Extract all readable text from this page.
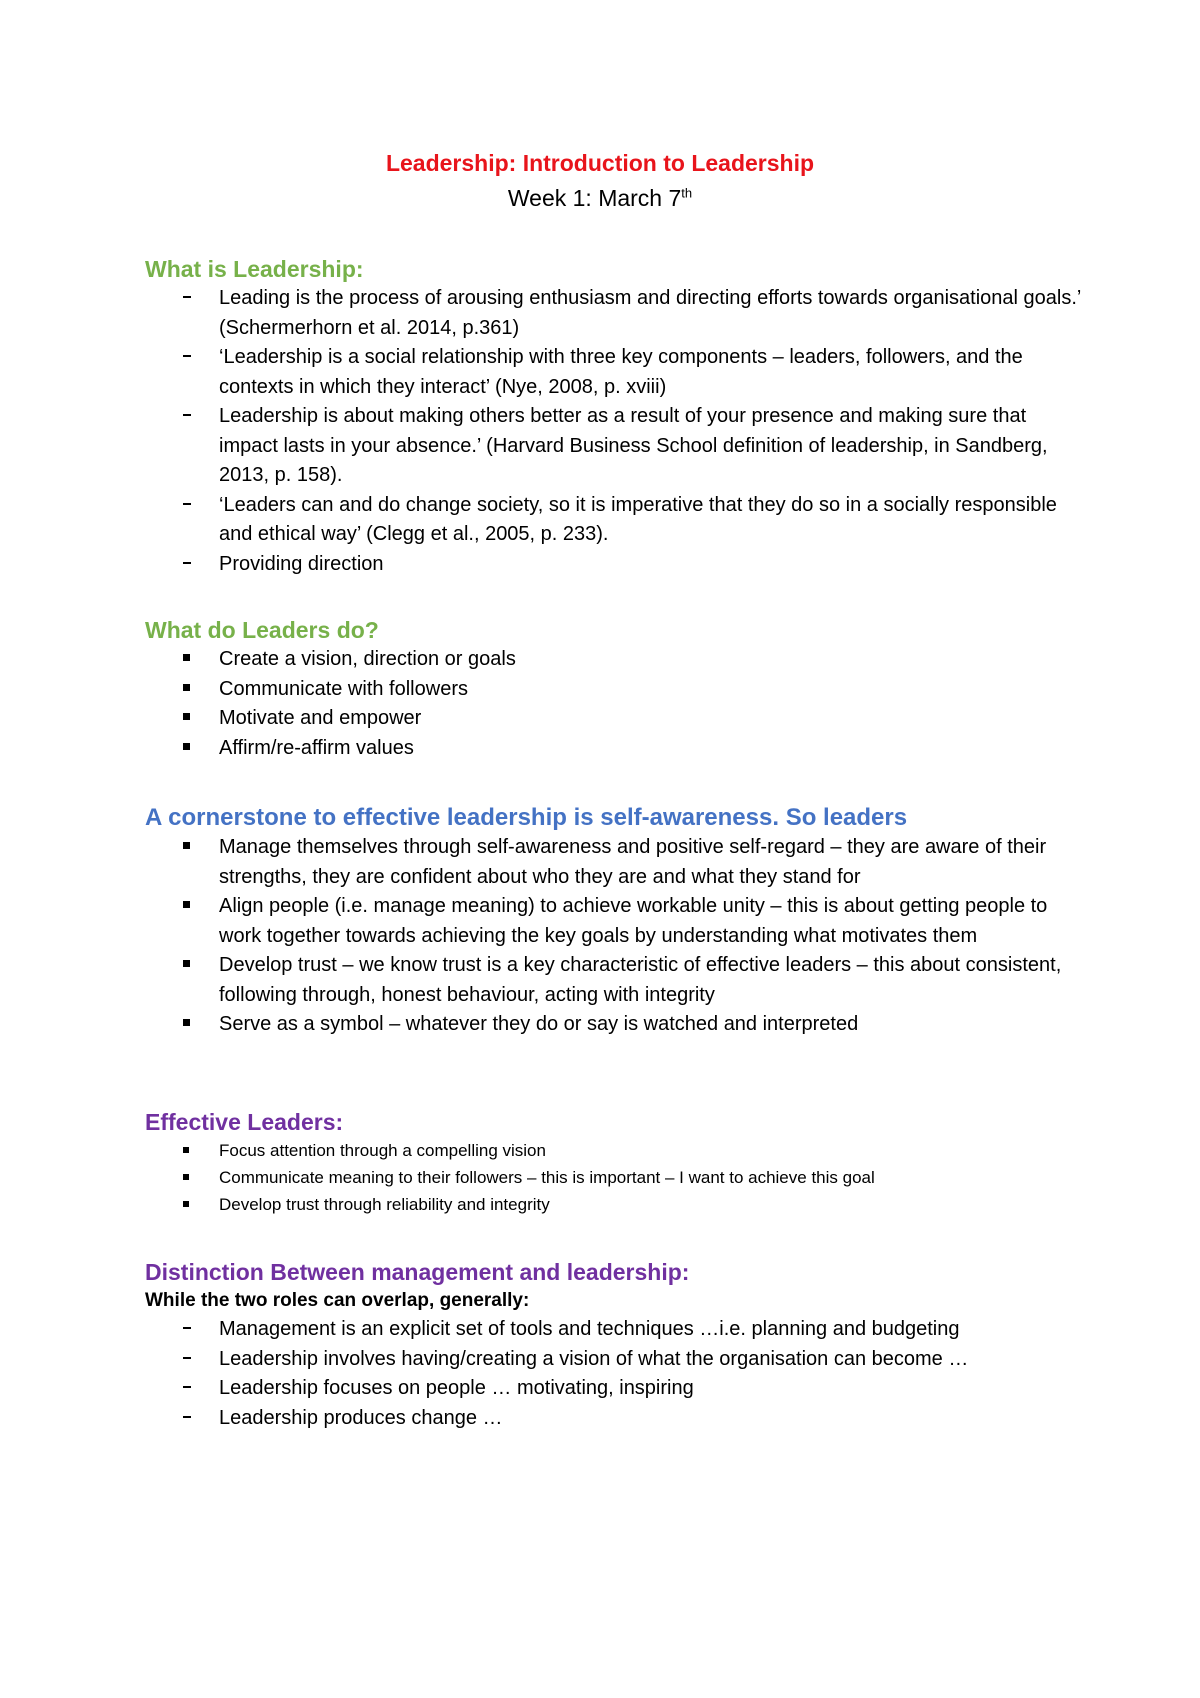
Leadership: Introduction to Leadership
Week 1: March 7th
What is Leadership:
Leading is the process of arousing enthusiasm and directing efforts towards organisational goals.’ (Schermerhorn et al. 2014, p.361)
‘Leadership is a social relationship with three key components – leaders, followers, and the contexts in which they interact’ (Nye, 2008, p. xviii)
Leadership is about making others better as a result of your presence and making sure that impact lasts in your absence.’ (Harvard Business School definition of leadership, in Sandberg, 2013, p. 158).
‘Leaders can and do change society, so it is imperative that they do so in a socially responsible and ethical way’ (Clegg et al., 2005, p. 233).
Providing direction
What do Leaders do?
Create a vision, direction or goals
Communicate with followers
Motivate and empower
Affirm/re-affirm values
A cornerstone to effective leadership is self-awareness. So leaders
Manage themselves through self-awareness and positive self-regard – they are aware of their strengths, they are confident about who they are and what they stand for
Align people (i.e. manage meaning) to achieve workable unity – this is about getting people to work together towards achieving the key goals by understanding what motivates them
Develop trust – we know trust is a key characteristic of effective leaders – this about consistent, following through, honest behaviour, acting with integrity
Serve as a symbol – whatever they do or say is watched and interpreted
Effective Leaders:
Focus attention through a compelling vision
Communicate meaning to their followers – this is important – I want to achieve this goal
Develop trust through reliability and integrity
Distinction Between management and leadership:
While the two roles can overlap, generally:
Management is an explicit set of tools and techniques …i.e. planning and budgeting
Leadership involves having/creating a vision of what the organisation can become …
Leadership focuses on people … motivating, inspiring
Leadership produces change …
